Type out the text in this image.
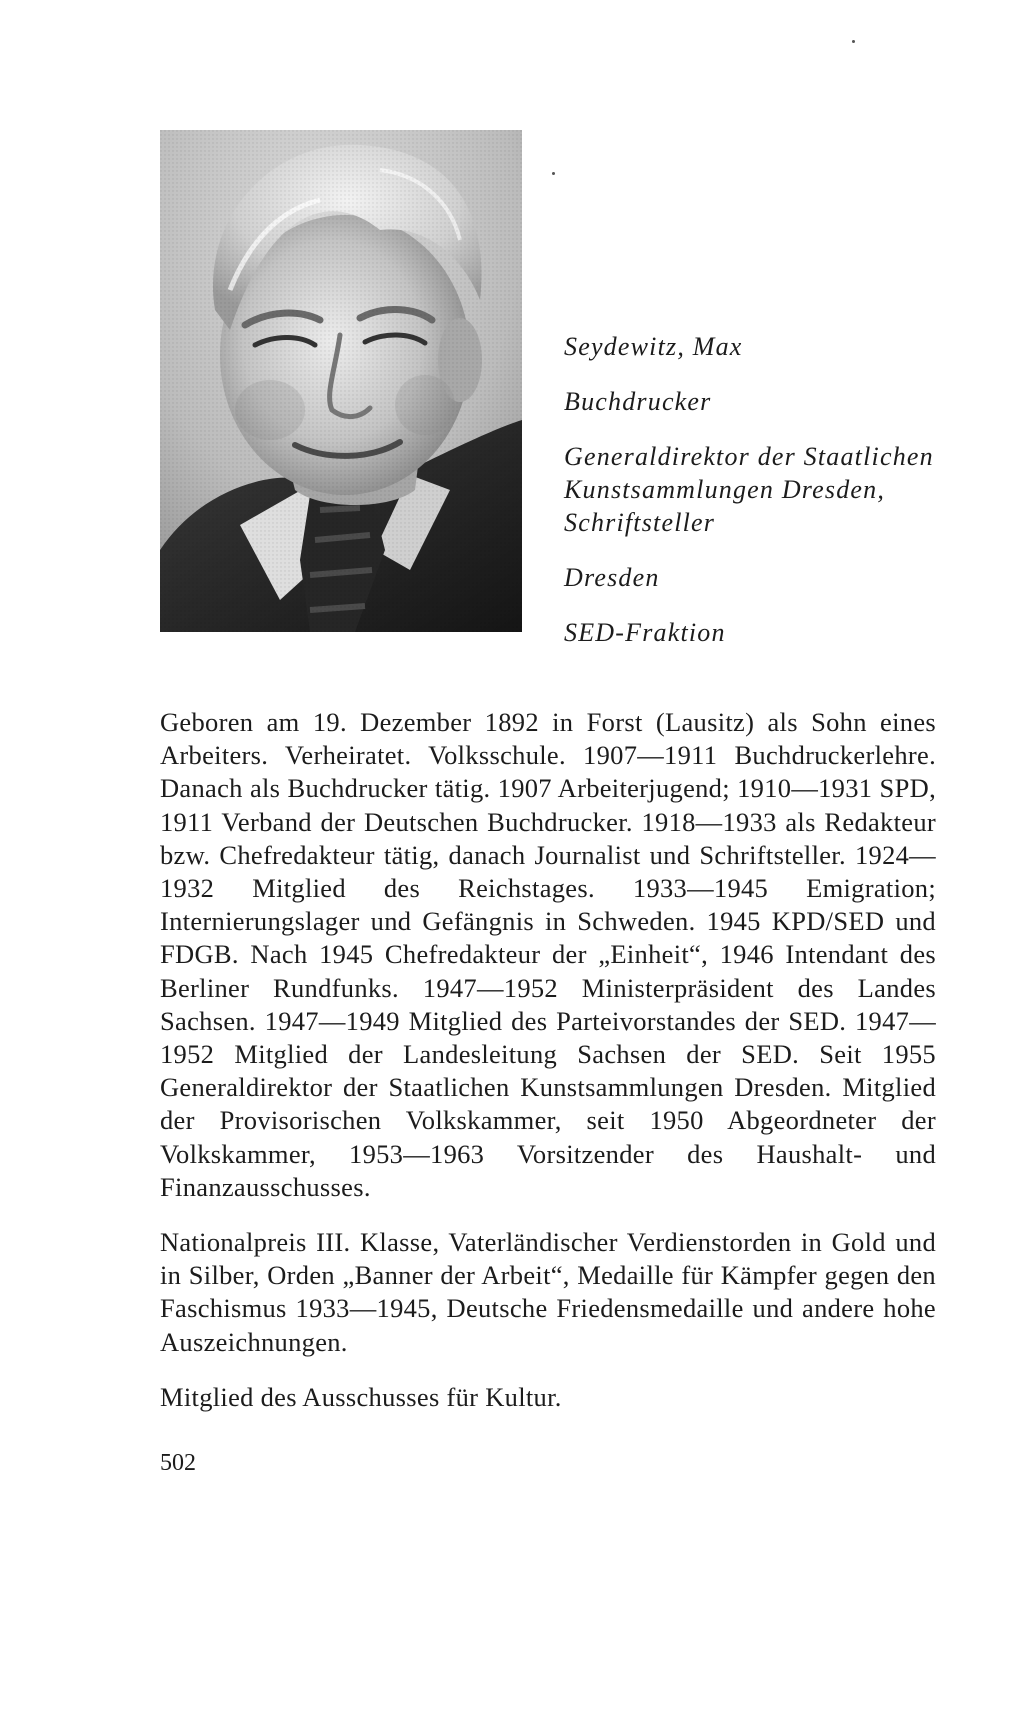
Seydewitz, Max

Buchdrucker

Generaldirektor der Staatlichen Kunstsammlungen Dresden, Schriftsteller

Dresden

SED-Fraktion

Geboren am 19. Dezember 1892 in Forst (Lausitz) als Sohn eines Arbeiters. Verheiratet. Volksschule. 1907—1911 Buchdruckerlehre. Danach als Buchdrucker tätig. 1907 Arbeiterjugend; 1910—1931 SPD, 1911 Verband der Deutschen Buchdrucker. 1918—1933 als Redakteur bzw. Chefredakteur tätig, danach Journalist und Schriftsteller. 1924—1932 Mitglied des Reichstages. 1933—1945 Emigration; Internierungslager und Gefängnis in Schweden. 1945 KPD/SED und FDGB. Nach 1945 Chefredakteur der „Einheit“, 1946 Intendant des Berliner Rundfunks. 1947—1952 Ministerpräsident des Landes Sachsen. 1947—1949 Mitglied des Parteivorstandes der SED. 1947—1952 Mitglied der Landesleitung Sachsen der SED. Seit 1955 Generaldirektor der Staatlichen Kunstsammlungen Dresden. Mitglied der Provisorischen Volkskammer, seit 1950 Abgeordneter der Volkskammer, 1953—1963 Vorsitzender des Haushalt- und Finanzausschusses.

Nationalpreis III. Klasse, Vaterländischer Verdienstorden in Gold und in Silber, Orden „Banner der Arbeit“, Medaille für Kämpfer gegen den Faschismus 1933—1945, Deutsche Friedensmedaille und andere hohe Auszeichnungen.

Mitglied des Ausschusses für Kultur.

502
